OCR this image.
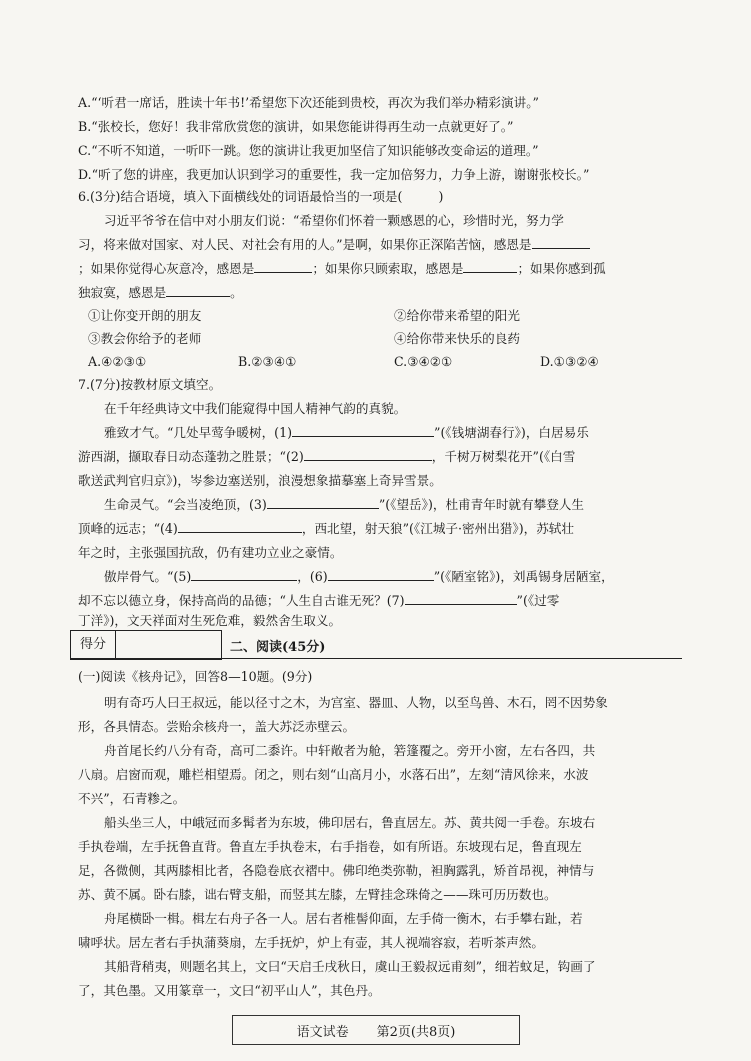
A.“‘听君一席话，胜读十年书!’希望您下次还能到贵校，再次为我们举办精彩演讲。”
B.“张校长，您好！我非常欣赏您的演讲，如果您能讲得再生动一点就更好了。”
C.“不听不知道，一听吓一跳。您的演讲让我更加坚信了知识能够改变命运的道理。”
D.“听了您的讲座，我更加认识到学习的重要性，我一定加倍努力，力争上游，谢谢张校长。”
6.(3分)结合语境，填入下面横线处的词语最恰当的一项是(	)
习近平爷爷在信中对小朋友们说：“希望你们怀着一颗感恩的心，珍惜时光，努力学
习，将来做对国家、对人民、对社会有用的人。”是啊，如果你正深陷苦恼，感恩是
；如果你觉得心灰意冷，感恩是	；如果你只顾索取，感恩是	；如果你感到孤
独寂寞，感恩是	。
①让你变开朗的朋友	②给你带来希望的阳光
③教会你给予的老师	④给你带来快乐的良药
A.④②③①	B.②③④①	C.③④②①	D.①③②④
7.(7分)按教材原文填空。
在千年经典诗文中我们能窥得中国人精神气韵的真貌。
雅致才气。“几处早莺争暖树，(1)	”(《钱塘湖春行》)，白居易乐
游西湖，撷取春日动态蓬勃之胜景；“(2)	，千树万树梨花开”(《白雪
歌送武判官归京》)，岑参边塞送别，浪漫想象描摹塞上奇异雪景。
生命灵气。“会当凌绝顶，(3)	”(《望岳》)，杜甫青年时就有攀登人生
顶峰的远志；“(4)	，西北望，射天狼”(《江城子·密州出猎》)，苏轼壮
年之时，主张强国抗敌，仍有建功立业之豪情。
傲岸骨气。“(5)	，(6)	”(《陋室铭》)，刘禹锡身居陋室，
却不忘以德立身，保持高尚的品德；“人生自古谁无死？(7)	”(《过零
丁洋》)，文天祥面对生死危难，毅然舍生取义。
得分	二、阅读(45分)
(一)阅读《核舟记》，回答8—10题。(9分)
明有奇巧人曰王叔远，能以径寸之木，为宫室、器皿、人物，以至鸟兽、木石，罔不因势象
形，各具情态。尝贻余核舟一，盖大苏泛赤壁云。
舟首尾长约八分有奇，高可二黍许。中轩敞者为舱，箬篷覆之。旁开小窗，左右各四，共
八扇。启窗而观，雕栏相望焉。闭之，则右刻“山高月小，水落石出”，左刻“清风徐来，水波
不兴”，石青糁之。
船头坐三人，中峨冠而多髯者为东坡，佛印居右，鲁直居左。苏、黄共阅一手卷。东坡右
手执卷端，左手抚鲁直背。鲁直左手执卷末，右手指卷，如有所语。东坡现右足，鲁直现左
足，各微侧，其两膝相比者，各隐卷底衣褶中。佛印绝类弥勒，袒胸露乳，矫首昂视，神情与
苏、黄不属。卧右膝，诎右臂支船，而竖其左膝，左臂挂念珠倚之——珠可历历数也。
舟尾横卧一楫。楫左右舟子各一人。居右者椎髻仰面，左手倚一衡木，右手攀右趾，若
啸呼状。居左者右手执蒲葵扇，左手抚炉，炉上有壶，其人视端容寂，若听茶声然。
其船背稍夷，则题名其上，文曰“天启壬戌秋日，虞山王毅叔远甫刻”，细若蚊足，钩画了
了，其色墨。又用篆章一，文曰“初平山人”，其色丹。
语文试卷 第2页(共8页)
